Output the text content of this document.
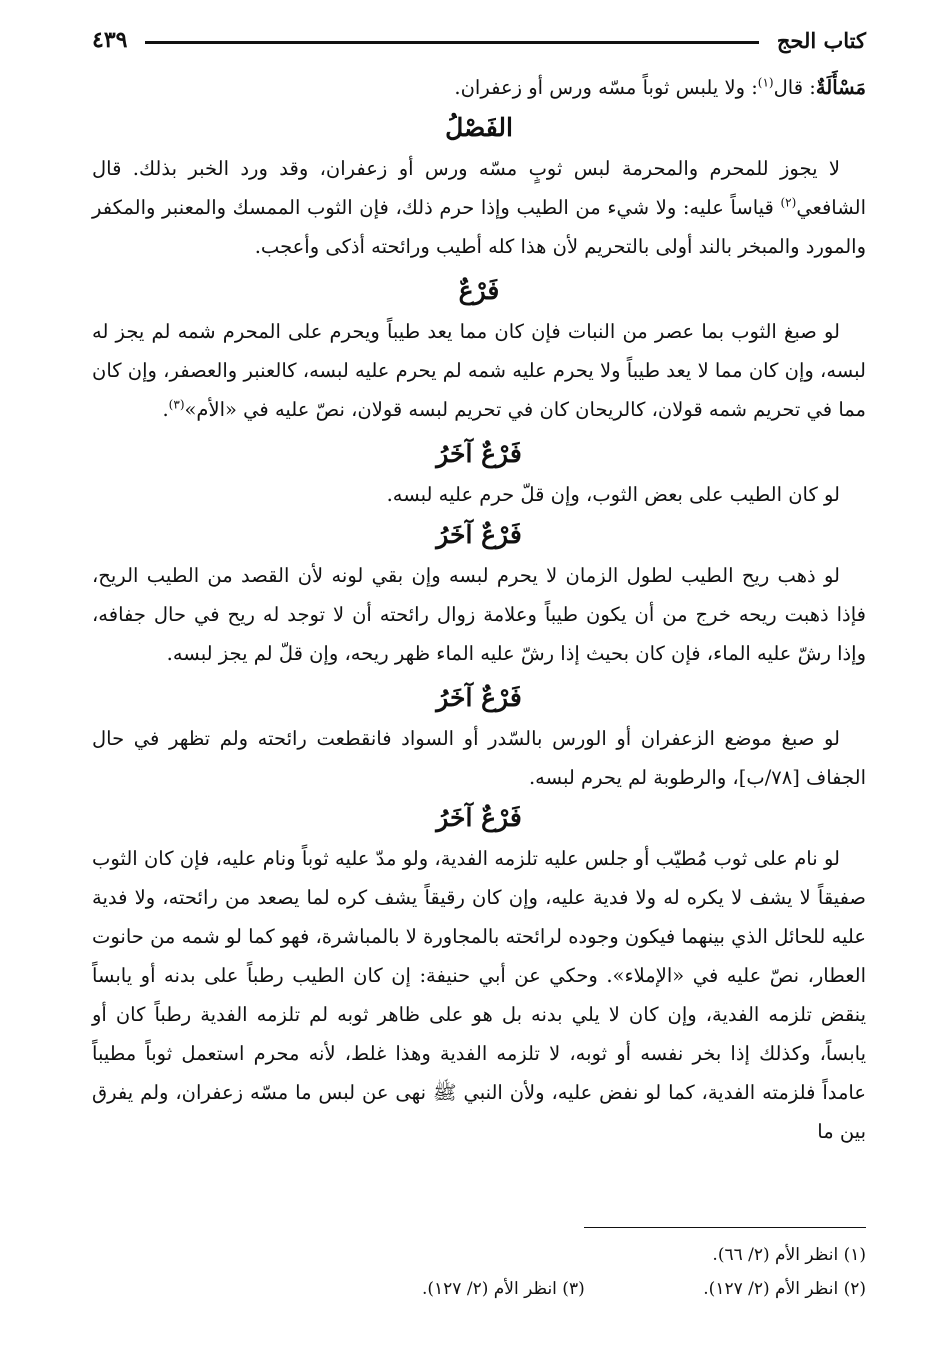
كتاب الحج
٤٣٩

مَسْأَلَةٌ: قال$^{(١)}$: ولا يلبس ثوباً مسّه ورس أو زعفران.

الفَصْلُ

لا يجوز للمحرم والمحرمة لبس ثوبٍ مسّه ورس أو زعفران، وقد ورد الخبر بذلك. قال الشافعي$^{(٢)}$ قياساً عليه: ولا شيء من الطيب وإذا حرم ذلك، فإن الثوب الممسك والمعنبر والمكفر والمورد والمبخر بالند أولى بالتحريم لأن هذا كله أطيب ورائحته أذكى وأعجب.

فَرْعٌ

لو صبغ الثوب بما عصر من النبات فإن كان مما يعد طيباً ويحرم على المحرم شمه لم يجز له لبسه، وإن كان مما لا يعد طيباً ولا يحرم عليه شمه لم يحرم عليه لبسه، كالعنبر والعصفر، وإن كان مما في تحريم شمه قولان، كالريحان كان في تحريم لبسه قولان، نصّ عليه في «الأم»$^{(٣)}$.

فَرْعٌ آخَرُ

لو كان الطيب على بعض الثوب، وإن قلّ حرم عليه لبسه.

فَرْعٌ آخَرُ

لو ذهب ريح الطيب لطول الزمان لا يحرم لبسه وإن بقي لونه لأن القصد من الطيب الريح، فإذا ذهبت ريحه خرج من أن يكون طيباً وعلامة زوال رائحته أن لا توجد له ريح في حال جفافه، وإذا رشّ عليه الماء، فإن كان بحيث إذا رشّ عليه الماء ظهر ريحه، وإن قلّ لم يجز لبسه.

فَرْعٌ آخَرُ

لو صبغ موضع الزعفران أو الورس بالسّدر أو السواد فانقطعت رائحته ولم تظهر في حال الجفاف [٧٨/ب]، والرطوبة لم يحرم لبسه.

فَرْعٌ آخَرُ

لو نام على ثوب مُطيّب أو جلس عليه تلزمه الفدية، ولو مدّ عليه ثوباً ونام عليه، فإن كان الثوب صفيقاً لا يشف لا يكره له ولا فدية عليه، وإن كان رقيقاً يشف كره لما يصعد من رائحته، ولا فدية عليه للحائل الذي بينهما فيكون وجوده لرائحته بالمجاورة لا بالمباشرة، فهو كما لو شمه من حانوت العطار، نصّ عليه في «الإملاء». وحكي عن أبي حنيفة: إن كان الطيب رطباً على بدنه أو يابساً ينقض تلزمه الفدية، وإن كان لا يلي بدنه بل هو على ظاهر ثوبه لم تلزمه الفدية رطباً كان أو يابساً، وكذلك إذا بخر نفسه أو ثوبه، لا تلزمه الفدية وهذا غلط، لأنه محرم استعمل ثوباً مطيباً عامداً فلزمته الفدية، كما لو نفض عليه، ولأن النبي ﷺ نهى عن لبس ما مسّه زعفران، ولم يفرق بين ما

(١) انظر الأم (٢/ ٦٦).

(٢) انظر الأم (٢/ ١٢٧).
(٣) انظر الأم (٢/ ١٢٧).
